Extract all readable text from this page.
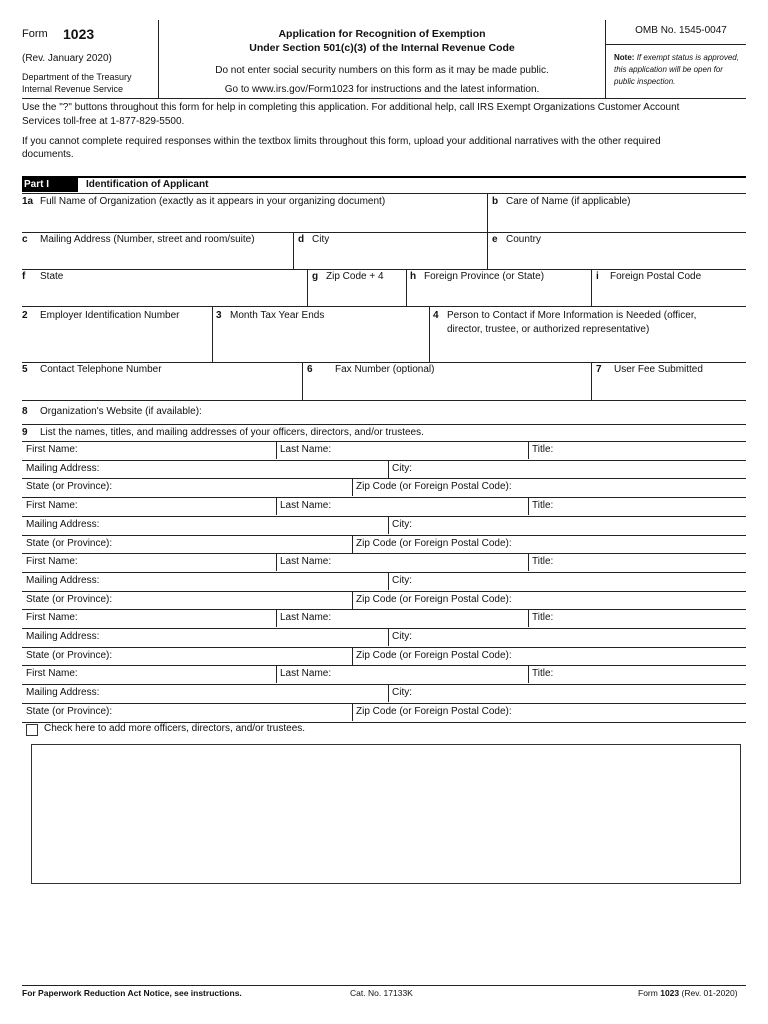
Form 1023
(Rev. January 2020)
Department of the Treasury
Internal Revenue Service
Application for Recognition of Exemption
Under Section 501(c)(3) of the Internal Revenue Code
Do not enter social security numbers on this form as it may be made public.
Go to www.irs.gov/Form1023 for instructions and the latest information.
OMB No. 1545-0047
Note: If exempt status is approved, this application will be open for public inspection.
Use the "?" buttons throughout this form for help in completing this application. For additional help, call IRS Exempt Organizations Customer Account
Services toll-free at 1-877-829-5500.
If you cannot complete required responses within the textbox limits throughout this form, upload your additional narratives with the other required
documents.
Part I	Identification of Applicant
1a Full Name of Organization (exactly as it appears in your organizing document)	b Care of Name (if applicable)
c Mailing Address (Number, street and room/suite)	d City	e Country
f State	g Zip Code + 4	h Foreign Province (or State)	i Foreign Postal Code
2 Employer Identification Number	3 Month Tax Year Ends	4 Person to Contact if More Information is Needed (officer,
director, trustee, or authorized representative)
5 Contact Telephone Number	6 Fax Number (optional)	7 User Fee Submitted
8 Organization's Website (if available):
9 List the names, titles, and mailing addresses of your officers, directors, and/or trustees.
First Name:	Last Name:	Title:
Mailing Address:	City:
State (or Province):	Zip Code (or Foreign Postal Code):
First Name:	Last Name:	Title:
Mailing Address:	City:
State (or Province):	Zip Code (or Foreign Postal Code):
First Name:	Last Name:	Title:
Mailing Address:	City:
State (or Province):	Zip Code (or Foreign Postal Code):
First Name:	Last Name:	Title:
Mailing Address:	City:
State (or Province):	Zip Code (or Foreign Postal Code):
First Name:	Last Name:	Title:
Mailing Address:	City:
State (or Province):	Zip Code (or Foreign Postal Code):
Check here to add more officers, directors, and/or trustees.
For Paperwork Reduction Act Notice, see instructions.	Cat. No. 17133K	Form 1023 (Rev. 01-2020)
